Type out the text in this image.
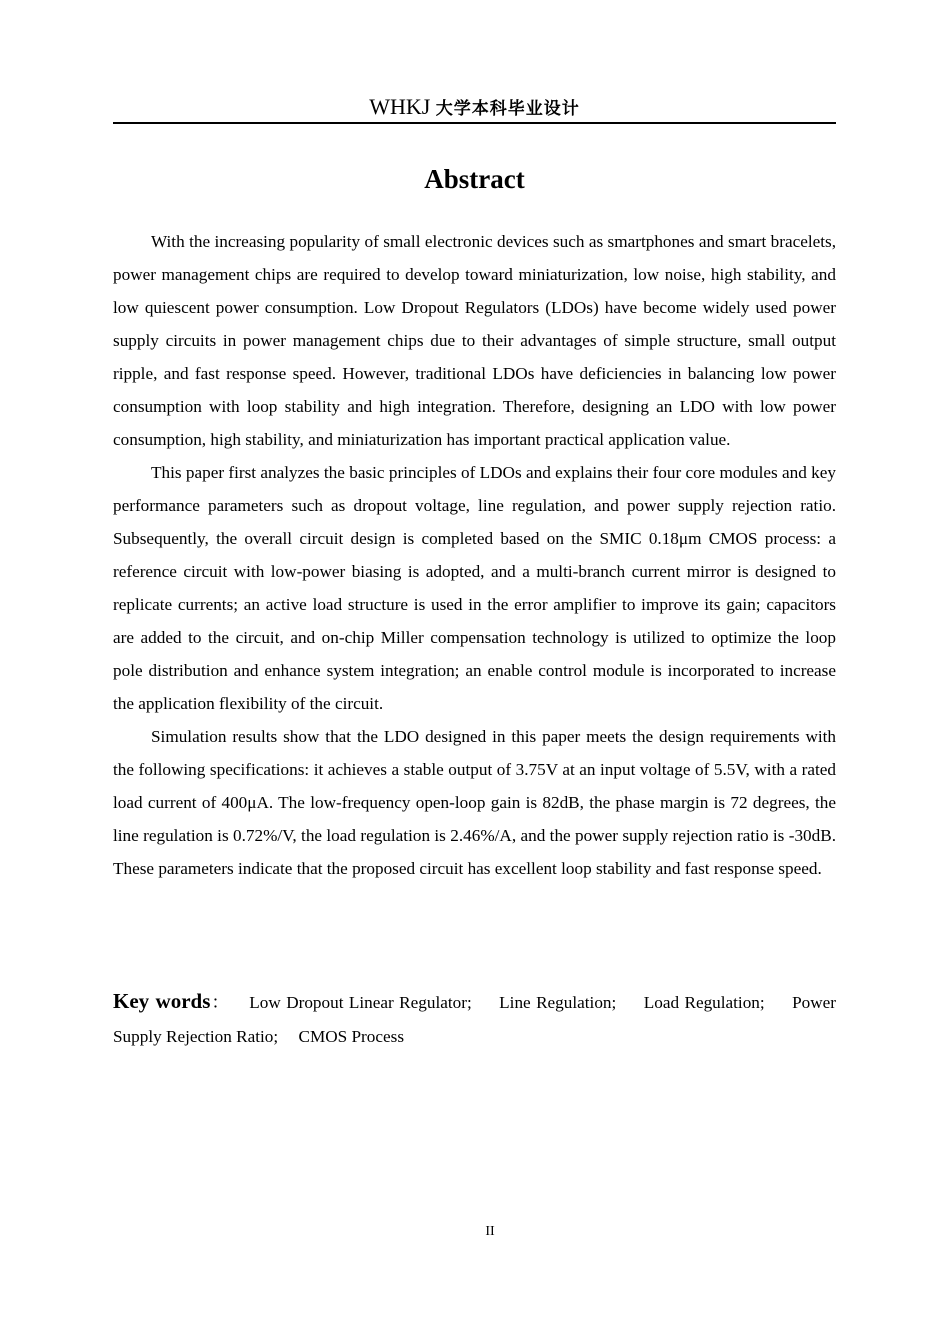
WHKJ 大学本科毕业设计
Abstract

With the increasing popularity of small electronic devices such as smartphones and smart bracelets, power management chips are required to develop toward miniaturization, low noise, high stability, and low quiescent power consumption. Low Dropout Regulators (LDOs) have become widely used power supply circuits in power management chips due to their advantages of simple structure, small output ripple, and fast response speed. However, traditional LDOs have deficiencies in balancing low power consumption with loop stability and high integration. Therefore, designing an LDO with low power consumption, high stability, and miniaturization has important practical application value.

This paper first analyzes the basic principles of LDOs and explains their four core modules and key performance parameters such as dropout voltage, line regulation, and power supply rejection ratio. Subsequently, the overall circuit design is completed based on the SMIC 0.18μm CMOS process: a reference circuit with low-power biasing is adopted, and a multi-branch current mirror is designed to replicate currents; an active load structure is used in the error amplifier to improve its gain; capacitors are added to the circuit, and on-chip Miller compensation technology is utilized to optimize the loop pole distribution and enhance system integration; an enable control module is incorporated to increase the application flexibility of the circuit.

Simulation results show that the LDO designed in this paper meets the design requirements with the following specifications: it achieves a stable output of 3.75V at an input voltage of 5.5V, with a rated load current of 400μA. The low-frequency open-loop gain is 82dB, the phase margin is 72 degrees, the line regulation is 0.72%/V, the load regulation is 2.46%/A, and the power supply rejection ratio is -30dB. These parameters indicate that the proposed circuit has excellent loop stability and fast response speed.

Key words： Low Dropout Linear Regulator; Line Regulation; Load Regulation; Power Supply Rejection Ratio; CMOS Process
II
